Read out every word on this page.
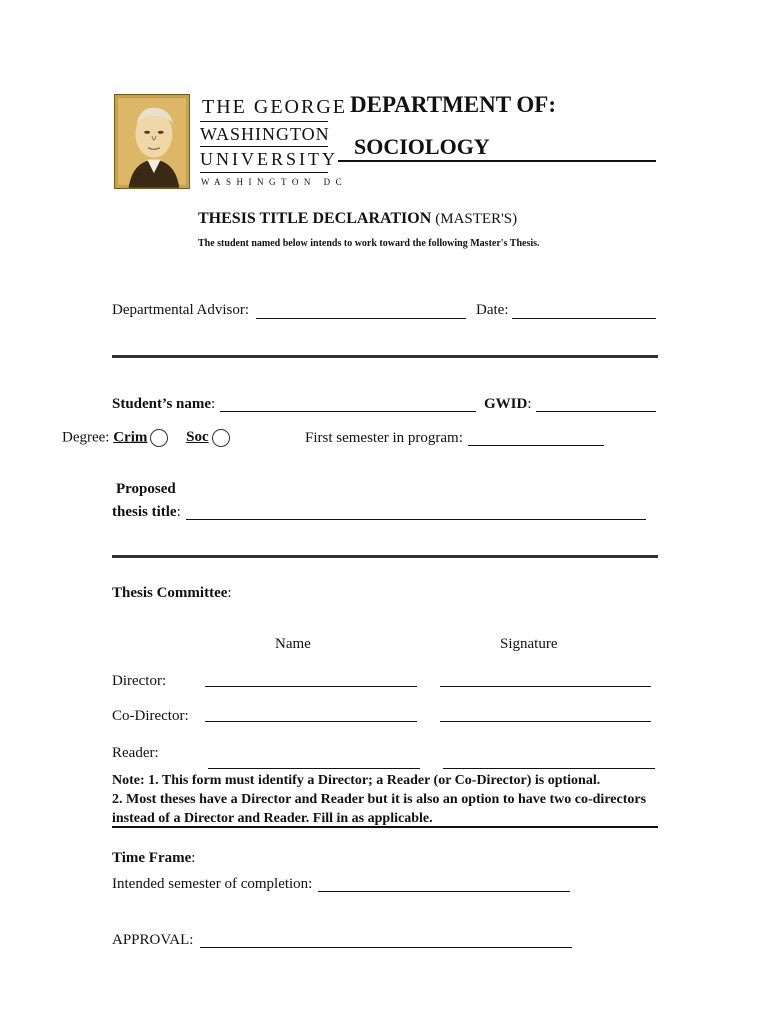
THE GEORGE
WASHINGTON
UNIVERSITY
WASHINGTON DC
DEPARTMENT OF:
SOCIOLOGY
THESIS TITLE DECLARATION (MASTER'S)
The student named below intends to work toward the following Master's Thesis.
Departmental Advisor:	Date:
Student’s name:	GWID:
Degree: Crim	Soc	First semester in program:
Proposed
thesis title:
Thesis Committee:
Name	Signature
Director:
Co-Director:
Reader:
Note: 1. This form must identify a Director; a Reader (or Co-Director) is optional.
2. Most theses have a Director and Reader but it is also an option to have two co-directors
instead of a Director and Reader. Fill in as applicable.
Time Frame:
Intended semester of completion:
APPROVAL:
